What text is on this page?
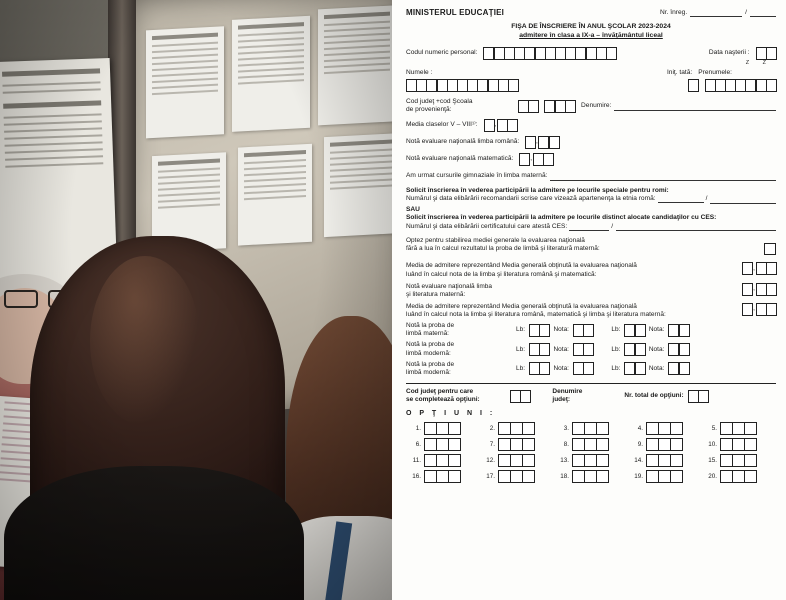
MINISTERUL EDUCAŢIEI	Nr. înreg.	/
FIŞA DE ÎNSCRIERE ÎN ANUL ŞCOLAR 2023-2024
admitere în clasa a IX-a – învăţământul liceal
Codul numeric personal:	Data naşterii :
Z Z
Numele :	Iniţ. tată: Prenumele:
Cod judeţ +cod Şcoala
de provenienţă:
Denumire:
Media claselor V – VIII¹⁾:	,
Notă evaluare naţională limba română:	,
Notă evaluare naţională matematică:	,
Am urmat cursurile gimnaziale în limba maternă:
Solicit înscrierea în vederea participării la admitere pe locurile speciale pentru romi:
Numărul şi data elibărării recomandarii scrise care vizează apartenenţa la etnia romă:	/
SAU
Solicit înscrierea în vederea participării la admitere pe locurile distinct alocate candidaţilor cu CES:
Numărul şi data elibărării certificatului care atestă CES:	/
Optez pentru stabilirea mediei generale la evaluarea naţională
fără a lua în calcul rezultatul la proba de limbă şi literatură maternă:
Media de admitere reprezentând Media generală obţinută la evaluarea naţională
luând în calcul nota de la limba şi literatura română şi matematică:
,
Notă evaluare naţională limba
şi literatura maternă:
,
Media de admitere reprezentând Media generală obţinută la evaluarea naţională
luând în calcul nota la limba şi literatura română, matematică şi limba şi literatura maternă:
,
Notă la proba de
limbă maternă:
Lb:	Nota:	Lb:	Nota:
Notă la proba de
limbă modernă:
Lb:	Nota:	Lb:	Nota:
Notă la proba de
limbă modernă:
Lb:	Nota:	Lb:	Nota:
Cod judeţ pentru care
se completează opţiuni:
Denumire
judeţ:
Nr. total de opţiuni:
O P Ţ I U N I :
1.	2.	3.	4.	5.
6.	7.	8.	9.	10.
11.	12.	13.	14.	15.
16.	17.	18.	19.	20.
